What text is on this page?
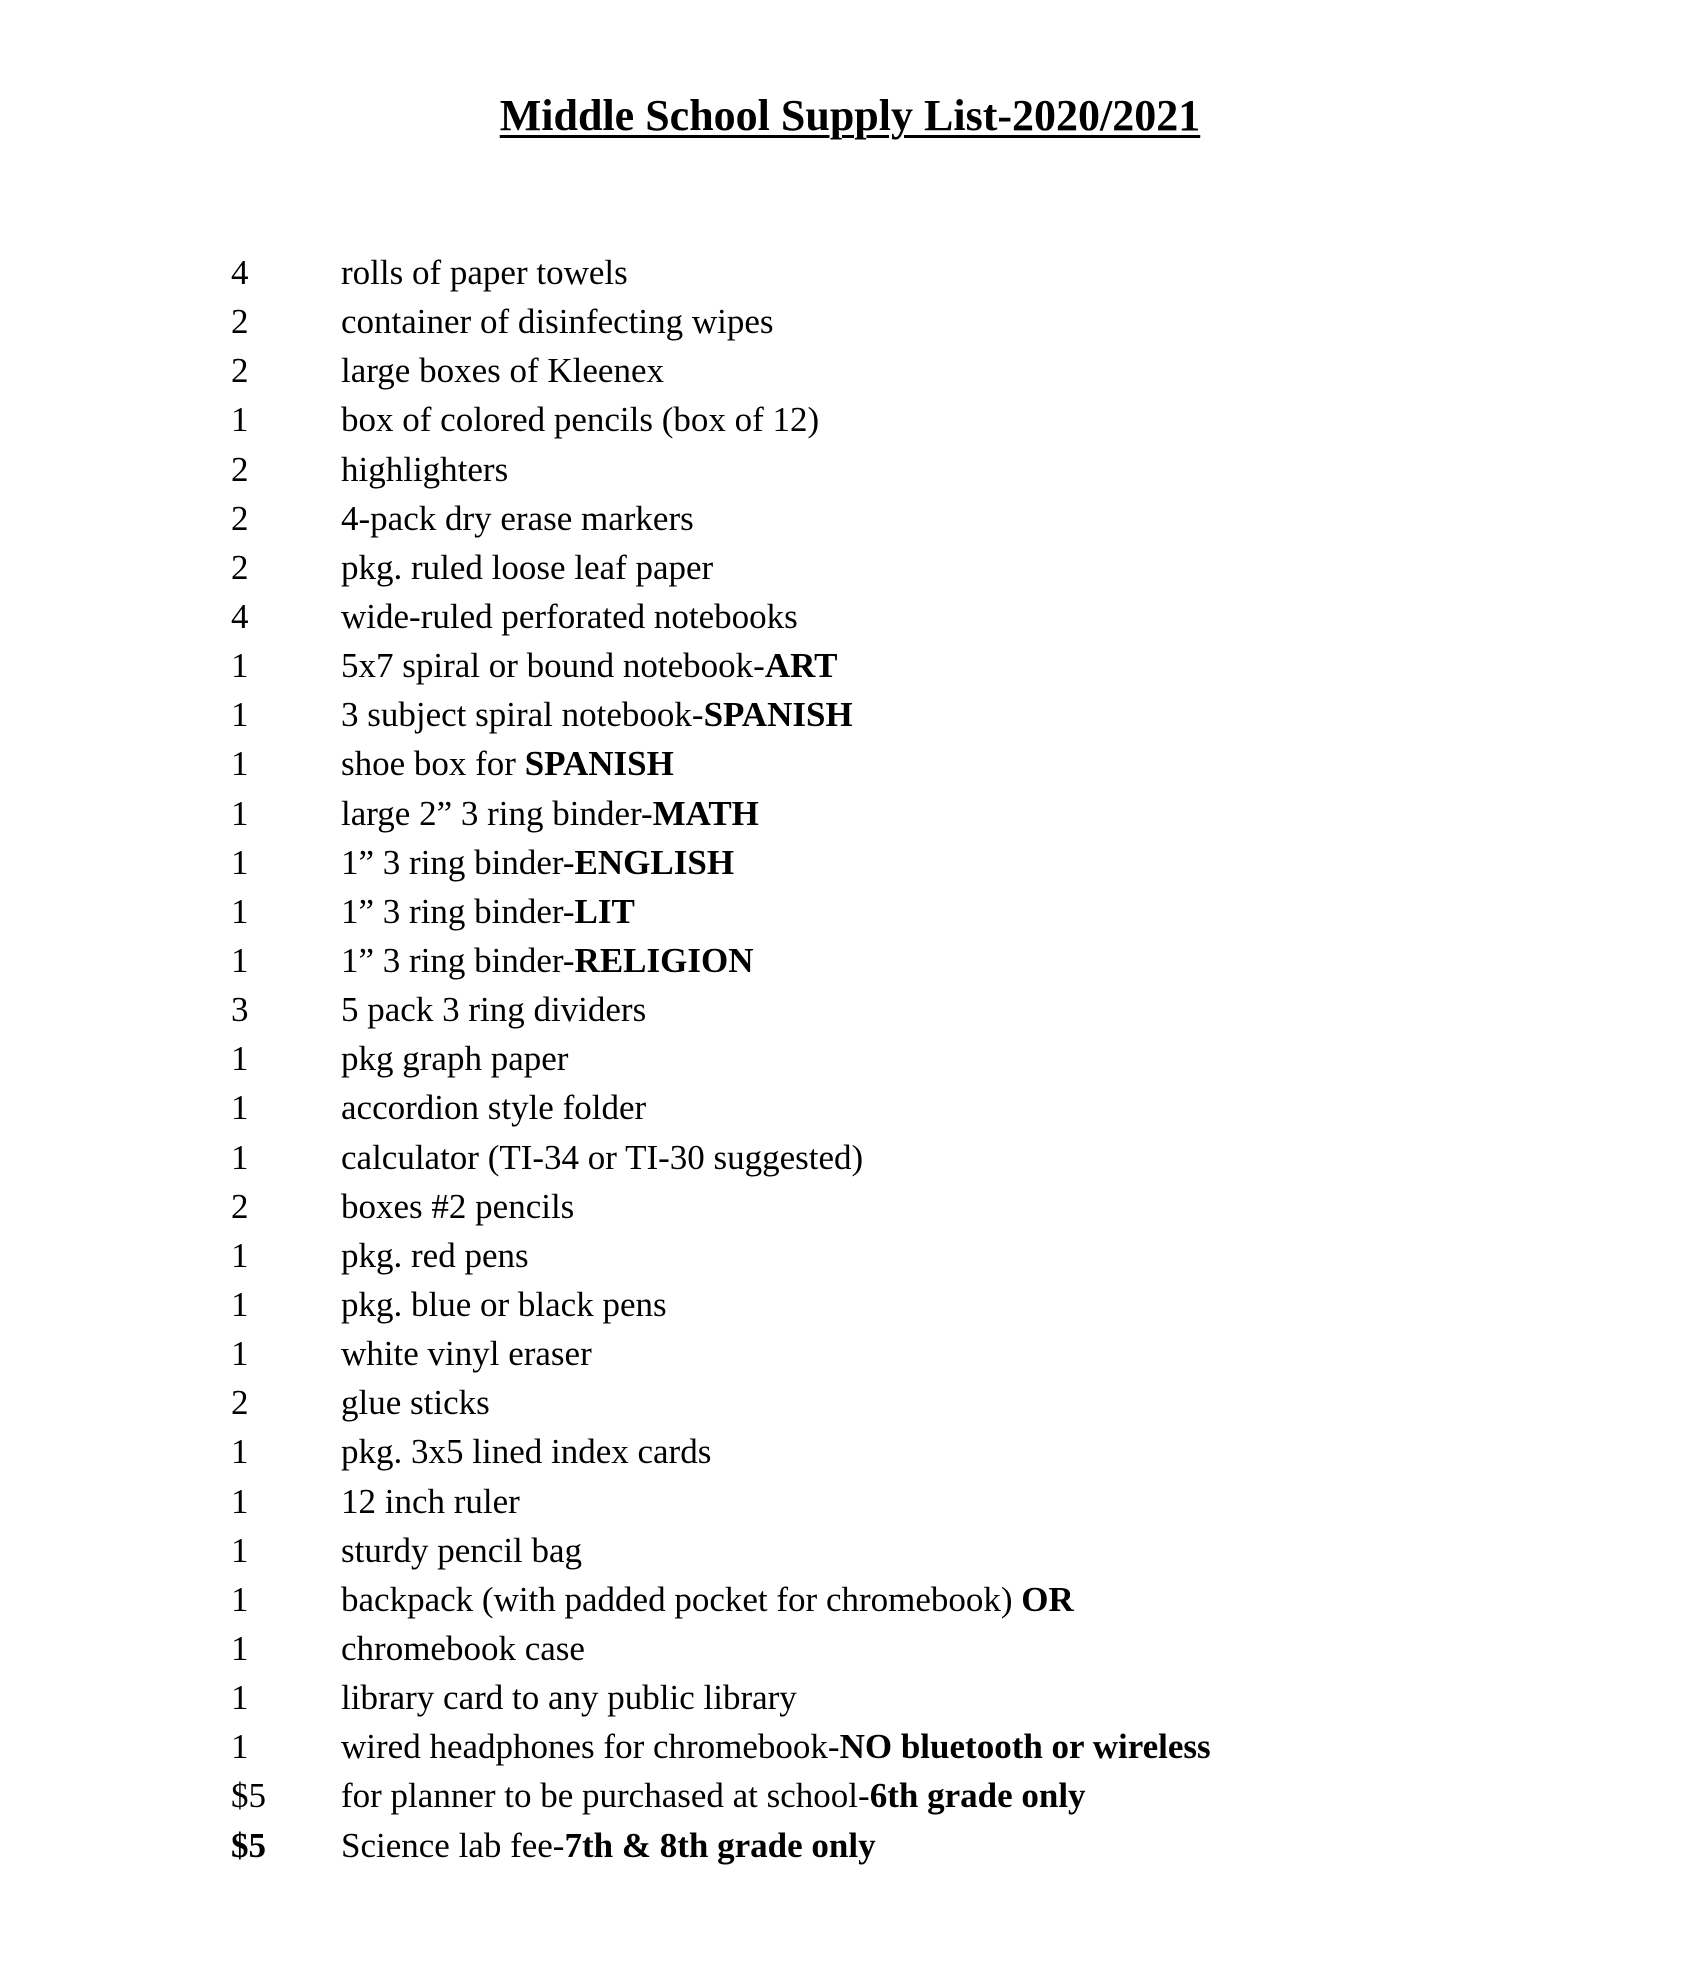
Middle School Supply List-2020/2021
4	rolls of paper towels
2	container of disinfecting wipes
2	large boxes of Kleenex
1	box of colored pencils (box of 12)
2	highlighters
2	4-pack dry erase markers
2	pkg. ruled loose leaf paper
4	wide-ruled perforated notebooks
1	5x7 spiral or bound notebook-ART
1	3 subject spiral notebook-SPANISH
1	shoe box for SPANISH
1	large 2” 3 ring binder-MATH
1	1” 3 ring binder-ENGLISH
1	1” 3 ring binder-LIT
1	1” 3 ring binder-RELIGION
3	5 pack 3 ring dividers
1	pkg graph paper
1	accordion style folder
1	calculator (TI-34 or TI-30 suggested)
2	boxes #2 pencils
1	pkg. red pens
1	pkg. blue or black pens
1	white vinyl eraser
2	glue sticks
1	pkg. 3x5 lined index cards
1	12 inch ruler
1	sturdy pencil bag
1	backpack (with padded pocket for chromebook) OR
1	chromebook case
1	library card to any public library
1	wired headphones for chromebook-NO bluetooth or wireless
$5 for planner to be purchased at school-6th grade only
$5 Science lab fee-7th & 8th grade only
